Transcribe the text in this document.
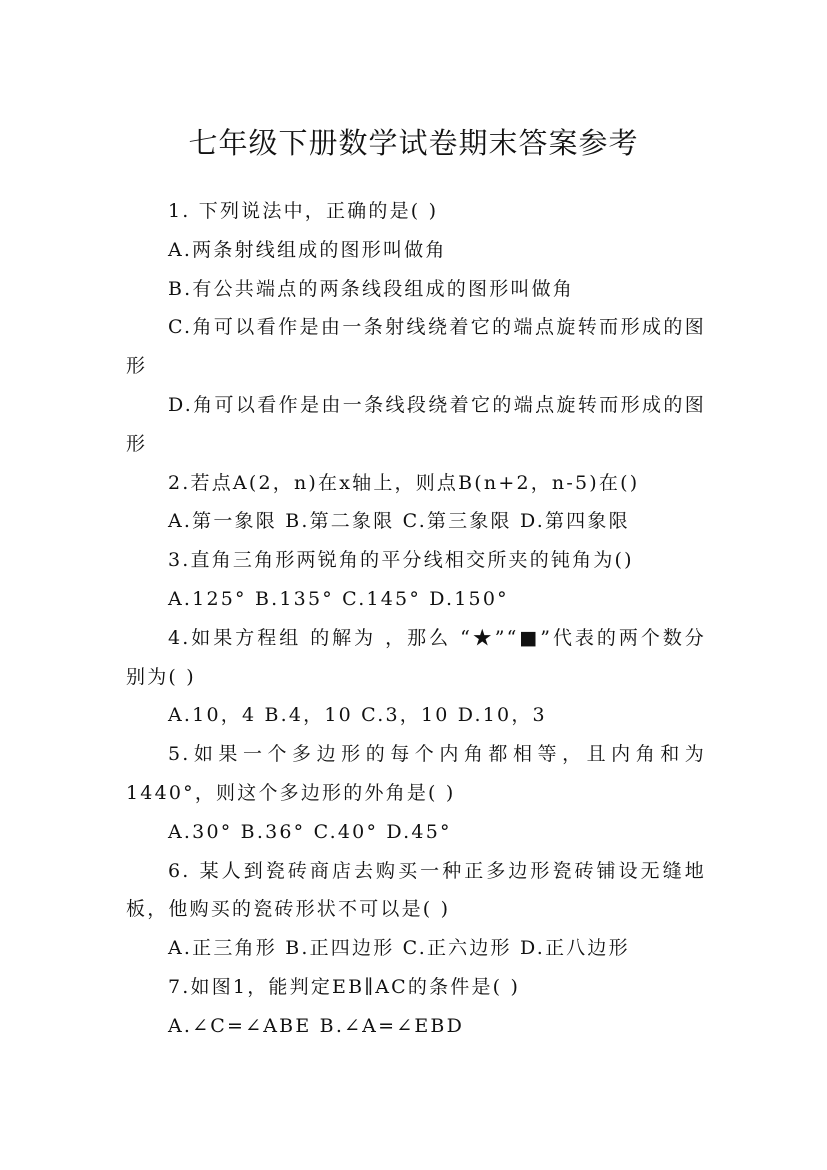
七年级下册数学试卷期末答案参考

1. 下列说法中，正确的是( )

A.两条射线组成的图形叫做角

B.有公共端点的两条线段组成的图形叫做角

C.角可以看作是由一条射线绕着它的端点旋转而形成的图形

D.角可以看作是由一条线段绕着它的端点旋转而形成的图形

2.若点A(2，n)在x轴上，则点B(n+2，n-5)在()

A.第一象限 B.第二象限 C.第三象限 D.第四象限

3.直角三角形两锐角的平分线相交所夹的钝角为()

A.125° B.135° C.145° D.150°

4.如果方程组 的解为 ，那么 “★”“■”代表的两个数分别为( )

A.10，4 B.4，10 C.3，10 D.10，3

5.如果一个多边形的每个内角都相等，且内角和为1440°，则这个多边形的外角是( )

A.30° B.36° C.40° D.45°

6. 某人到瓷砖商店去购买一种正多边形瓷砖铺设无缝地板，他购买的瓷砖形状不可以是( )

A.正三角形 B.正四边形 C.正六边形 D.正八边形

7.如图1，能判定EB∥AC的条件是( )

A.∠C=∠ABE B.∠A=∠EBD
